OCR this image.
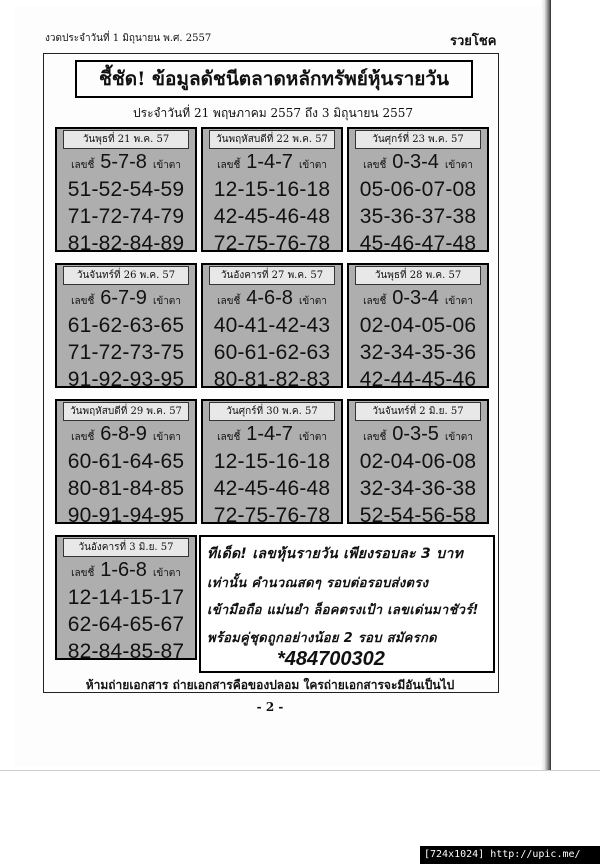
งวดประจำวันที่ 1 มิถุนายน พ.ศ. 2557	รวยโชค
ชี้ชัด! ข้อมูลดัชนีตลาดหลักทรัพย์หุ้นรายวัน
ประจำวันที่ 21 พฤษภาคม 2557 ถึง 3 มิถุนายน 2557
วันพุธที่ 21 พ.ค. 57
เลขชี้ 5-7-8 เข้าตา
51-52-54-59
71-72-74-79
81-82-84-89
วันพฤหัสบดีที่ 22 พ.ค. 57
เลขชี้ 1-4-7 เข้าตา
12-15-16-18
42-45-46-48
72-75-76-78
วันศุกร์ที่ 23 พ.ค. 57
เลขชี้ 0-3-4 เข้าตา
05-06-07-08
35-36-37-38
45-46-47-48
วันจันทร์ที่ 26 พ.ค. 57
เลขชี้ 6-7-9 เข้าตา
61-62-63-65
71-72-73-75
91-92-93-95
วันอังคารที่ 27 พ.ค. 57
เลขชี้ 4-6-8 เข้าตา
40-41-42-43
60-61-62-63
80-81-82-83
วันพุธที่ 28 พ.ค. 57
เลขชี้ 0-3-4 เข้าตา
02-04-05-06
32-34-35-36
42-44-45-46
วันพฤหัสบดีที่ 29 พ.ค. 57
เลขชี้ 6-8-9 เข้าตา
60-61-64-65
80-81-84-85
90-91-94-95
วันศุกร์ที่ 30 พ.ค. 57
เลขชี้ 1-4-7 เข้าตา
12-15-16-18
42-45-46-48
72-75-76-78
วันจันทร์ที่ 2 มิ.ย. 57
เลขชี้ 0-3-5 เข้าตา
02-04-06-08
32-34-36-38
52-54-56-58
วันอังคารที่ 3 มิ.ย. 57
เลขชี้ 1-6-8 เข้าตา
12-14-15-17
62-64-65-67
82-84-85-87
ทีเด็ด! เลขหุ้นรายวัน เพียงรอบละ 3 บาท
เท่านั้น คำนวณสดๆ รอบต่อรอบส่งตรง
เข้ามือถือ แม่นยำ ล็อคตรงเป้า เลขเด่นมาชัวร์!
พร้อมคู่ชุดถูกอย่างน้อย 2 รอบ สมัครกด
*484700302
ห้ามถ่ายเอกสาร ถ่ายเอกสารคือของปลอม ใครถ่ายเอกสารจะมีอันเป็นไป
- 2 -
[724x1024] http://upic.me/
